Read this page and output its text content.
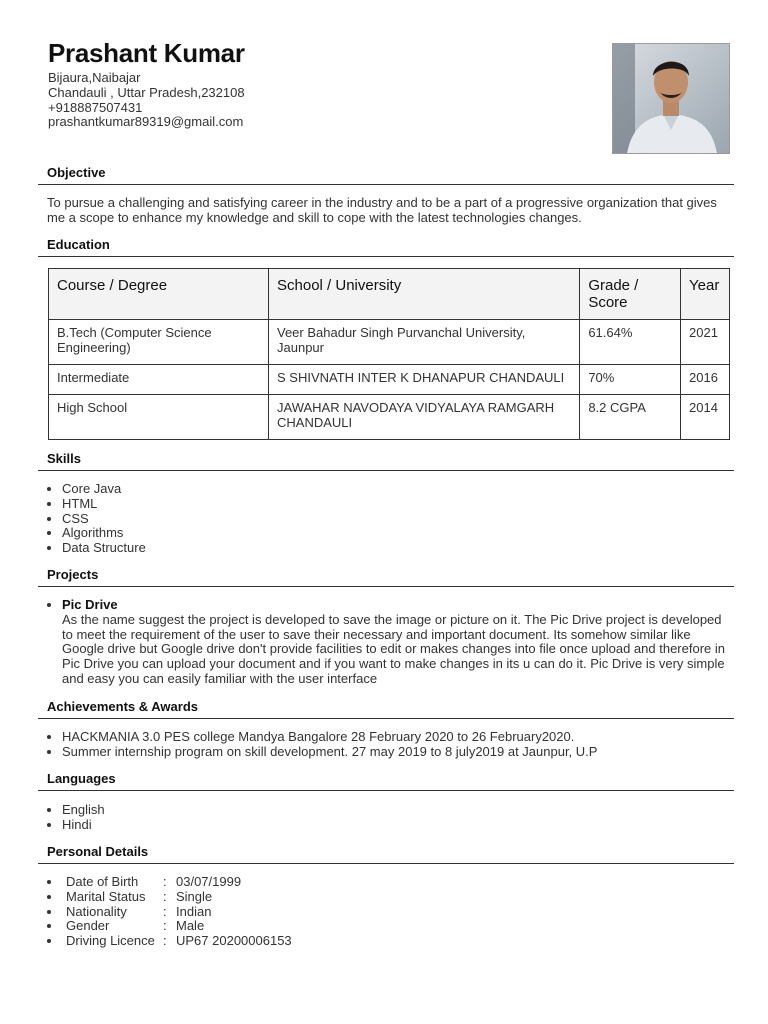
Prashant Kumar
Bijaura,Naibajar
Chandauli , Uttar Pradesh,232108
+918887507431
prashantkumar89319@gmail.com
Objective

To pursue a challenging and satisfying career in the industry and to be a part of a progressive organization that gives me a scope to enhance my knowledge and skill to cope with the latest technologies changes.

Education
Course / Degree	School / University	Grade / Score	Year
B.Tech (Computer Science Engineering)	Veer Bahadur Singh Purvanchal University, Jaunpur	61.64%	2021
Intermediate	S SHIVNATH INTER K DHANAPUR CHANDAULI	70%	2016
High School	JAWAHAR NAVODAYA VIDYALAYA RAMGARH CHANDAULI	8.2 CGPA	2014
Skills
• Core Java
• HTML
• CSS
• Algorithms
• Data Structure
Projects
• Pic Drive
As the name suggest the project is developed to save the image or picture on it. The Pic Drive project is developed to meet the requirement of the user to save their necessary and important document. Its somehow similar like Google drive but Google drive don't provide facilities to edit or makes changes into file once upload and therefore in Pic Drive you can upload your document and if you want to make changes in its u can do it. Pic Drive is very simple and easy you can easily familiar with the user interface
Achievements & Awards
• HACKMANIA 3.0 PES college Mandya Bangalore 28 February 2020 to 26 February2020.
• Summer internship program on skill development. 27 may 2019 to 8 july2019 at Jaunpur, U.P
Languages
• English
• Hindi
Personal Details
• Date of Birth : 03/07/1999
• Marital Status : Single
• Nationality	: Indian
• Gender	: Male
• Driving Licence : UP67 20200006153
